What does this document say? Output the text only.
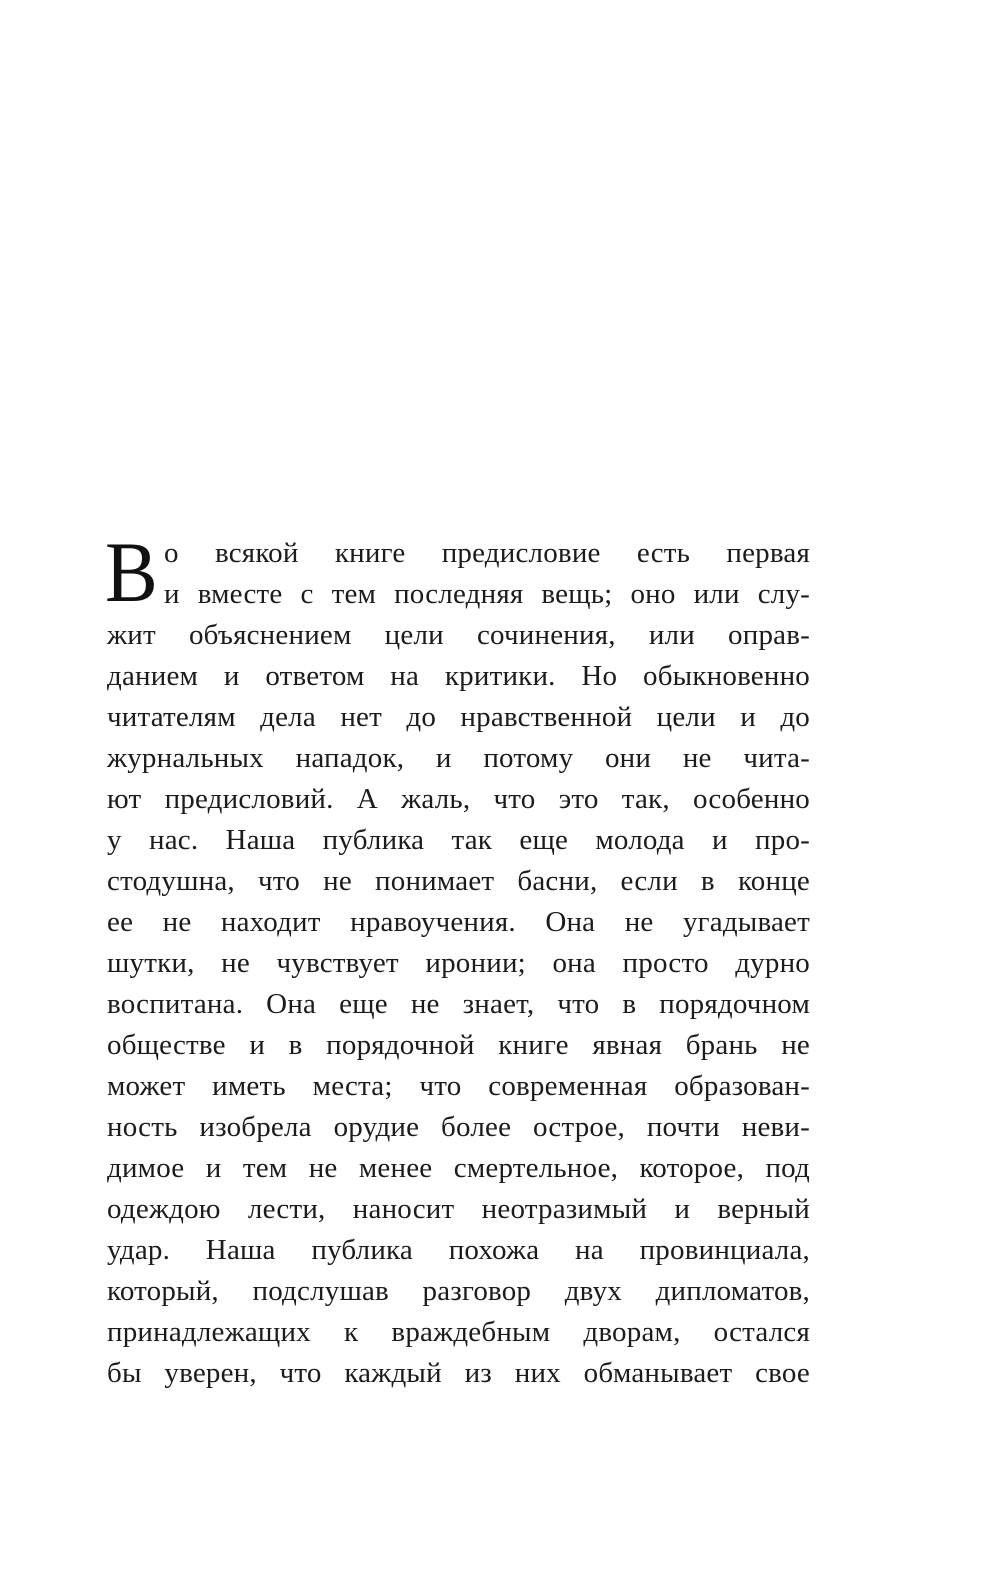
В о всякой книге предисловие есть первая
и вместе с тем последняя вещь; оно или слу-
жит объяснением цели сочинения, или оправ-
данием и ответом на критики. Но обыкновенно
читателям дела нет до нравственной цели и до
журнальных нападок, и потому они не чита-
ют предисловий. А жаль, что это так, особенно
у нас. Наша публика так еще молода и про-
стодушна, что не понимает басни, если в конце
ее не находит нравоучения. Она не угадывает
шутки, не чувствует иронии; она просто дурно
воспитана. Она еще не знает, что в порядочном
обществе и в порядочной книге явная брань не
может иметь места; что современная образован-
ность изобрела орудие более острое, почти неви-
димое и тем не менее смертельное, которое, под
одеждою лести, наносит неотразимый и верный
удар. Наша публика похожа на провинциала,
который, подслушав разговор двух дипломатов,
принадлежащих к враждебным дворам, остался
бы уверен, что каждый из них обманывает свое
